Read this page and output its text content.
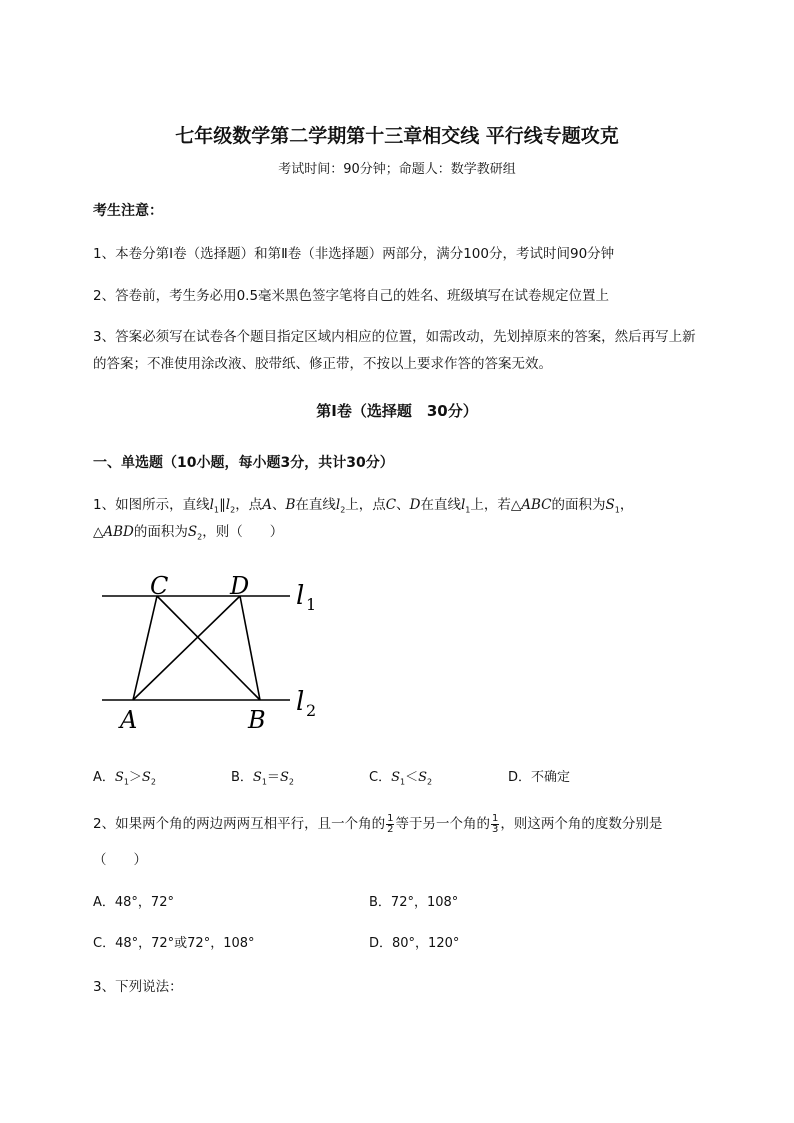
七年级数学第二学期第十三章相交线 平行线专题攻克
考试时间：90分钟；命题人：数学教研组
考生注意：
1、本卷分第I卷（选择题）和第Ⅱ卷（非选择题）两部分，满分100分，考试时间90分钟
2、答卷前，考生务必用0.5毫米黑色签字笔将自己的姓名、班级填写在试卷规定位置上
3、答案必须写在试卷各个题目指定区域内相应的位置，如需改动，先划掉原来的答案，然后再写上新
的答案；不准使用涂改液、胶带纸、修正带，不按以上要求作答的答案无效。
第I卷（选择题　30分）
一、单选题（10小题，每小题3分，共计30分）
1、如图所示，直线$l_1\parallel l_2$，点A、B在直线$l_2$上，点C、D在直线$l_1$上，若△ABC的面积为$S_1$，
△ABD的面积为$S_2$，则（　　）
C	D
A	B
l 1
l 2
A．$S_1>S_2$	B．$S_1=S_2$	C．$S_1<S_2$	D．不确定
2、如果两个角的两边两两互相平行，且一个角的 $\frac{1}{2}$ 等于另一个角的 $\frac{1}{3}$ ，则这两个角的度数分别是
（　　）
A．48°，72°	B．72°，108°
C．48°，72°或72°，108°	D．80°，120°
3、下列说法：
